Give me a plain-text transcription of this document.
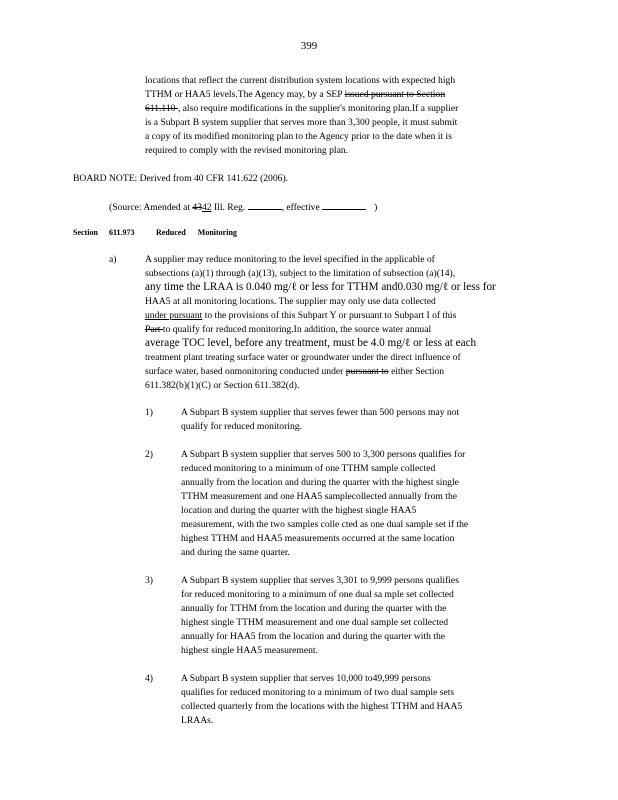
399
locations that reflect the current distribution system locations with expected high
TTHM or HAA5 levels.The Agency may, by a SEP issued pursuant to Section
611.110 , also require modifications in the supplier's monitoring plan.If a supplier
is a Subpart B system supplier that serves more than 3,300 people, it must submit
a copy of its modified monitoring plan to the Agency prior to the date when it is
required to comply with the revised monitoring plan.
BOARD NOTE: Derived from 40 CFR 141.622 (2006).
(Source: Amended at 4342 Ill. Reg.	, effective	)
Section 611.973	Reduced Monitoring
a)	A supplier may reduce monitoring to the level specified in the applicable of
subsections (a)(1) through (a)(13), subject to the limitation of subsection (a)(14),
any time the LRAA is 0.040 mg/ℓ or less for TTHM and0.030 mg/ℓ or less for
HAA5 at all monitoring locations. The supplier may only use data collected
under pursuant to the provisions of this Subpart Y or pursuant to Subpart I of this
Part to qualify for reduced monitoring.In addition, the source water annual
average TOC level, before any treatment, must be 4.0 mg/ℓ or less at each
treatment plant treating surface water or groundwater under the direct influence of
surface water, based onmonitoring conducted under pursuant to either Section
611.382(b)(1)(C) or Section 611.382(d).
1)	A Subpart B system supplier that serves fewer than 500 persons may not
qualify for reduced monitoring.
2)	A Subpart B system supplier that serves 500 to 3,300 persons qualifies for
reduced monitoring to a minimum of one TTHM sample collected
annually from the location and during the quarter with the highest single
TTHM measurement and one HAA5 samplecollected annually from the
location and during the quarter with the highest single HAA5
measurement, with the two samples colle cted as one dual sample set if the
highest TTHM and HAA5 measurements occurred at the same location
and during the same quarter.
3)	A Subpart B system supplier that serves 3,301 to 9,999 persons qualifies
for reduced monitoring to a minimum of one dual sa mple set collected
annually for TTHM from the location and during the quarter with the
highest single TTHM measurement and one dual sample set collected
annually for HAA5 from the location and during the quarter with the
highest single HAA5 measurement.
4)	A Subpart B system supplier that serves 10,000 to49,999 persons
qualifies for reduced monitoring to a minimum of two dual sample sets
collected quarterly from the locations with the highest TTHM and HAA5
LRAAs.
